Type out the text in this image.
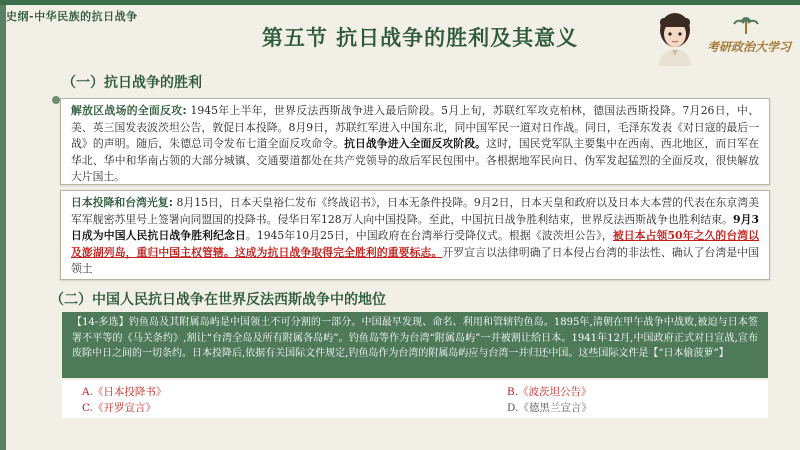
史纲-中华民族的抗日战争
第五节 抗日战争的胜利及其意义	考研政治大学习
（一）抗日战争的胜利
解放区战场的全面反攻: 1945年上半年，世界反法西斯战争进入最后阶段。5月上旬，苏联红军攻克柏林，德国法西斯投降。7月26日，中、美、英三国发表波茨坦公告，敦促日本投降。8月9日，苏联红军进入中国东北，同中国军民一道对日作战。同日，毛泽东发表《对日寇的最后一战》的声明。随后，朱德总司令发布七道全面反攻命令。抗日战争进入全面反攻阶段。这时，国民党军队主要集中在西南、西北地区，而日军在华北、华中和华南占领的大部分城镇、交通要道都处在共产党领导的敌后军民包围中。各根据地军民向日、伪军发起猛烈的全面反攻，很快解放大片国土。
日本投降和台湾光复: 8月15日，日本天皇裕仁发布《终战诏书》，日本无条件投降。9月2日，日本天皇和政府以及日本大本营的代表在东京湾美军军舰密苏里号上签署向同盟国的投降书。侵华日军128万人向中国投降。至此，中国抗日战争胜利结束，世界反法西斯战争也胜利结束。9月3日成为中国人民抗日战争胜利纪念日。1945年10月25日，中国政府在台湾举行受降仪式。根据《波茨坦公告》，被日本占领50年之久的台湾以及澎湖列岛，重归中国主权管辖。这成为抗日战争取得完全胜利的重要标志。开罗宣言以法律明确了日本侵占台湾的非法性、确认了台湾是中国领土
（二）中国人民抗日战争在世界反法西斯战争中的地位
【14-多选】钓鱼岛及其附属岛屿是中国领土不可分割的一部分。中国最早发现、命名、利用和管辖钓鱼岛。1895年,清朝在甲午战争中战败,被迫与日本签署不平等的《马关条约》,割让“台湾全岛及所有附属各岛屿”。钓鱼岛等作为台湾“附属岛屿”一并被割让给日本。1941年12月,中国政府正式对日宣战,宣布废除中日之间的一切条约。日本投降后,依据有关国际文件规定,钓鱼岛作为台湾的附属岛屿应与台湾一并归还中国。这些国际文件是【“日本偷菠萝”】
A.《日本投降书》	B.《波茨坦公告》
C.《开罗宣言》	D.《德黑兰宣言》
